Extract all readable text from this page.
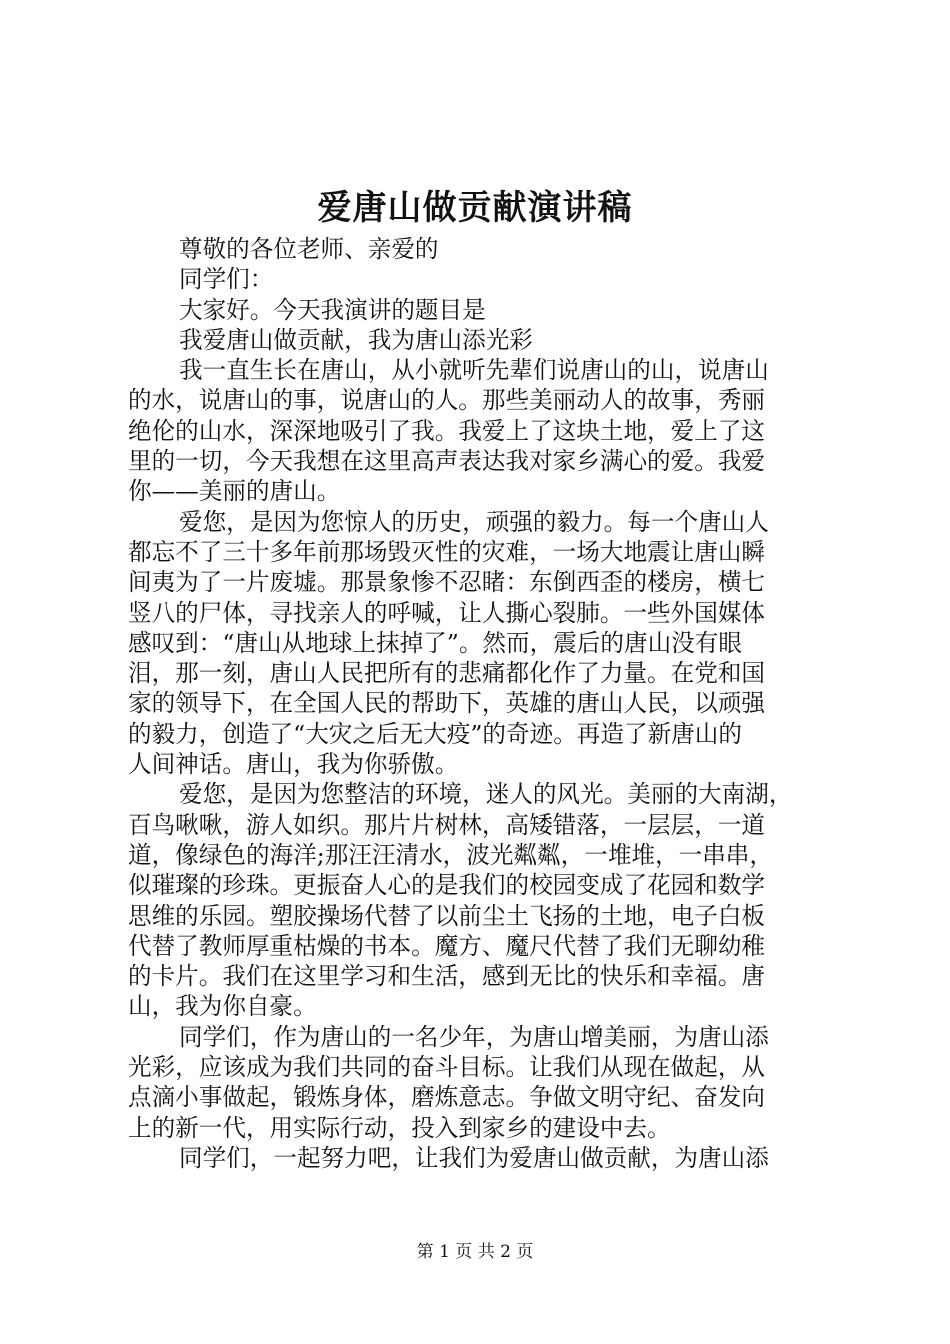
爱唐山做贡献演讲稿
尊敬的各位老师、亲爱的
同学们：
大家好。今天我演讲的题目是
我爱唐山做贡献，我为唐山添光彩
我一直生长在唐山，从小就听先辈们说唐山的山，说唐山
的水，说唐山的事，说唐山的人。那些美丽动人的故事，秀丽
绝伦的山水，深深地吸引了我。我爱上了这块土地，爱上了这
里的一切，今天我想在这里高声表达我对家乡满心的爱。我爱
你——美丽的唐山。
爱您，是因为您惊人的历史，顽强的毅力。每一个唐山人
都忘不了三十多年前那场毁灭性的灾难，一场大地震让唐山瞬
间夷为了一片废墟。那景象惨不忍睹：东倒西歪的楼房，横七
竖八的尸体，寻找亲人的呼喊，让人撕心裂肺。一些外国媒体
感叹到：“唐山从地球上抹掉了”。然而，震后的唐山没有眼
泪，那一刻，唐山人民把所有的悲痛都化作了力量。在党和国
家的领导下，在全国人民的帮助下，英雄的唐山人民，以顽强
的毅力，创造了“大灾之后无大疫”的奇迹。再造了新唐山的
人间神话。唐山，我为你骄傲。
爱您，是因为您整洁的环境，迷人的风光。美丽的大南湖，
百鸟啾啾，游人如织。那片片树林，高矮错落，一层层，一道
道，像绿色的海洋;那汪汪清水，波光粼粼，一堆堆，一串串，
似璀璨的珍珠。更振奋人心的是我们的校园变成了花园和数学
思维的乐园。塑胶操场代替了以前尘土飞扬的土地，电子白板
代替了教师厚重枯燥的书本。魔方、魔尺代替了我们无聊幼稚
的卡片。我们在这里学习和生活，感到无比的快乐和幸福。唐
山，我为你自豪。
同学们，作为唐山的一名少年，为唐山增美丽，为唐山添
光彩，应该成为我们共同的奋斗目标。让我们从现在做起，从
点滴小事做起，锻炼身体，磨炼意志。争做文明守纪、奋发向
上的新一代，用实际行动，投入到家乡的建设中去。
同学们，一起努力吧，让我们为爱唐山做贡献，为唐山添
第 1 页 共 2 页
